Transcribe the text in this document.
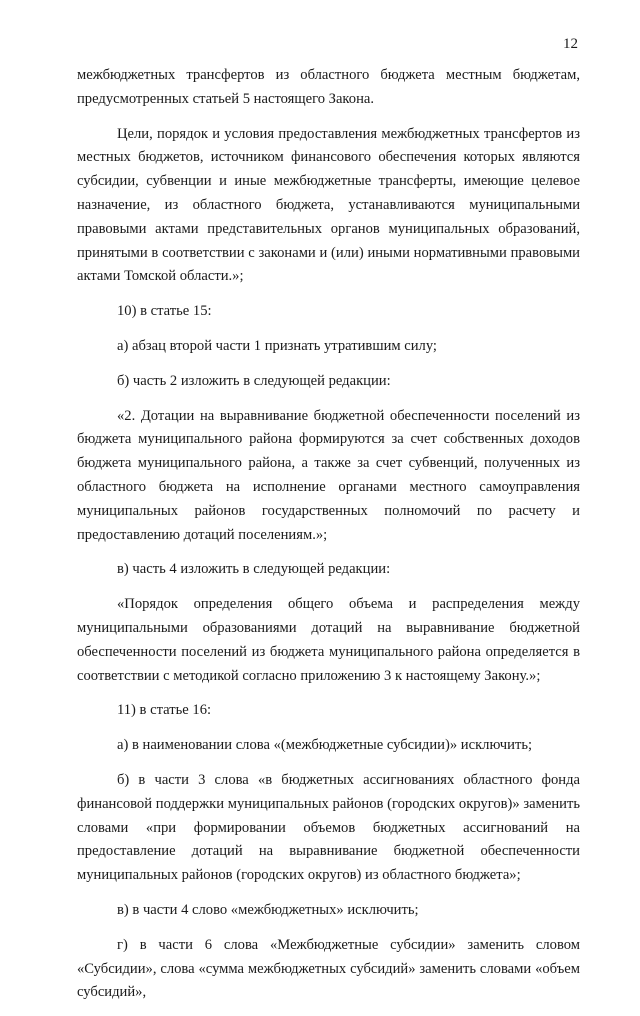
12

межбюджетных трансфертов из областного бюджета местным бюджетам, предусмотренных статьей 5 настоящего Закона.

Цели, порядок и условия предоставления межбюджетных трансфертов из местных бюджетов, источником финансового обеспечения которых являются субсидии, субвенции и иные межбюджетные трансферты, имеющие целевое назначение, из областного бюджета, устанавливаются муниципальными правовыми актами представительных органов муниципальных образований, принятыми в соответствии с законами и (или) иными нормативными правовыми актами Томской области.»;

10) в статье 15:

а) абзац второй части 1 признать утратившим силу;

б) часть 2 изложить в следующей редакции:

«2. Дотации на выравнивание бюджетной обеспеченности поселений из бюджета муниципального района формируются за счет собственных доходов бюджета муниципального района, а также за счет субвенций, полученных из областного бюджета на исполнение органами местного самоуправления муниципальных районов государственных полномочий по расчету и предоставлению дотаций поселениям.»;

в) часть 4 изложить в следующей редакции:

«Порядок определения общего объема и распределения между муниципальными образованиями дотаций на выравнивание бюджетной обеспеченности поселений из бюджета муниципального района определяется в соответствии с методикой согласно приложению 3 к настоящему Закону.»;

11) в статье 16:

а) в наименовании слова «(межбюджетные субсидии)» исключить;

б) в части 3 слова «в бюджетных ассигнованиях областного фонда финансовой поддержки муниципальных районов (городских округов)» заменить словами «при формировании объемов бюджетных ассигнований на предоставление дотаций на выравнивание бюджетной обеспеченности муниципальных районов (городских округов) из областного бюджета»;

в) в части 4 слово «межбюджетных» исключить;

г) в части 6 слова «Межбюджетные субсидии» заменить словом «Субсидии», слова «сумма межбюджетных субсидий» заменить словами «объем субсидий»,
